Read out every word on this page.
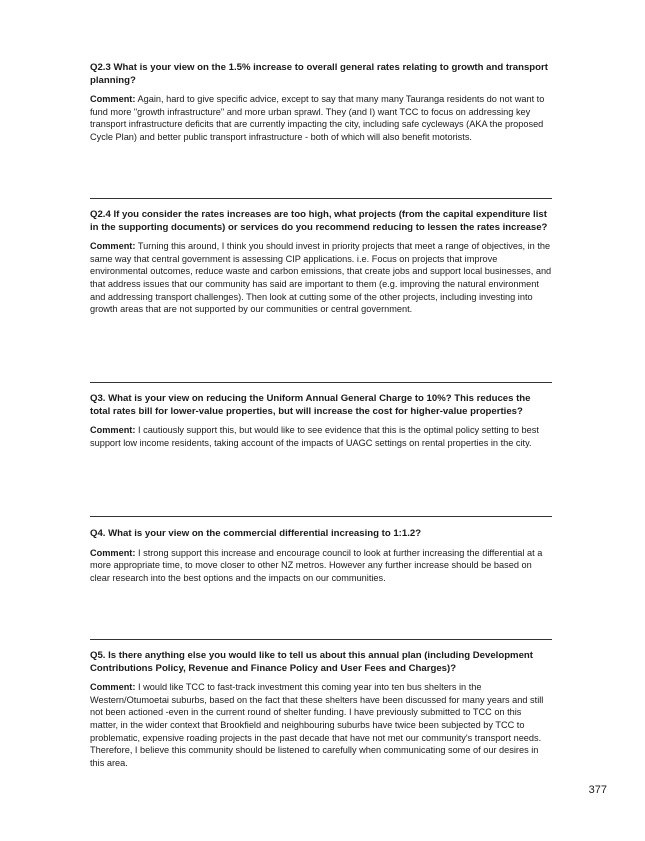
Q2.3 What is your view on the 1.5% increase to overall general rates relating to growth and transport planning?

Comment: Again, hard to give specific advice, except to say that many many Tauranga residents do not want to fund more "growth infrastructure" and more urban sprawl. They (and I) want TCC to focus on addressing key transport infrastructure deficits that are currently impacting the city, including safe cycleways (AKA the proposed Cycle Plan) and better public transport infrastructure - both of which will also benefit motorists.

Q2.4 If you consider the rates increases are too high, what projects (from the capital expenditure list in the supporting documents) or services do you recommend reducing to lessen the rates increase?

Comment: Turning this around, I think you should invest in priority projects that meet a range of objectives, in the same way that central government is assessing CIP applications. i.e. Focus on projects that improve environmental outcomes, reduce waste and carbon emissions, that create jobs and support local businesses, and that address issues that our community has said are important to them (e.g. improving the natural environment and addressing transport challenges). Then look at cutting some of the other projects, including investing into growth areas that are not supported by our communities or central government.

Q3. What is your view on reducing the Uniform Annual General Charge to 10%? This reduces the total rates bill for lower-value properties, but will increase the cost for higher-value properties?

Comment: I cautiously support this, but would like to see evidence that this is the optimal policy setting to best support low income residents, taking account of the impacts of UAGC settings on rental properties in the city.

Q4. What is your view on the commercial differential increasing to 1:1.2?

Comment: I strong support this increase and encourage council to look at further increasing the differential at a more appropriate time, to move closer to other NZ metros. However any further increase should be based on clear research into the best options and the impacts on our communities.

Q5. Is there anything else you would like to tell us about this annual plan (including Development Contributions Policy, Revenue and Finance Policy and User Fees and Charges)?

Comment: I would like TCC to fast-track investment this coming year into ten bus shelters in the Western/Otumoetai suburbs, based on the fact that these shelters have been discussed for many years and still not been actioned -even in the current round of shelter funding. I have previously submitted to TCC on this matter, in the wider context that Brookfield and neighbouring suburbs have twice been subjected by TCC to problematic, expensive roading projects in the past decade that have not met our community's transport needs. Therefore, I believe this community should be listened to carefully when communicating some of our desires in this area.

377
